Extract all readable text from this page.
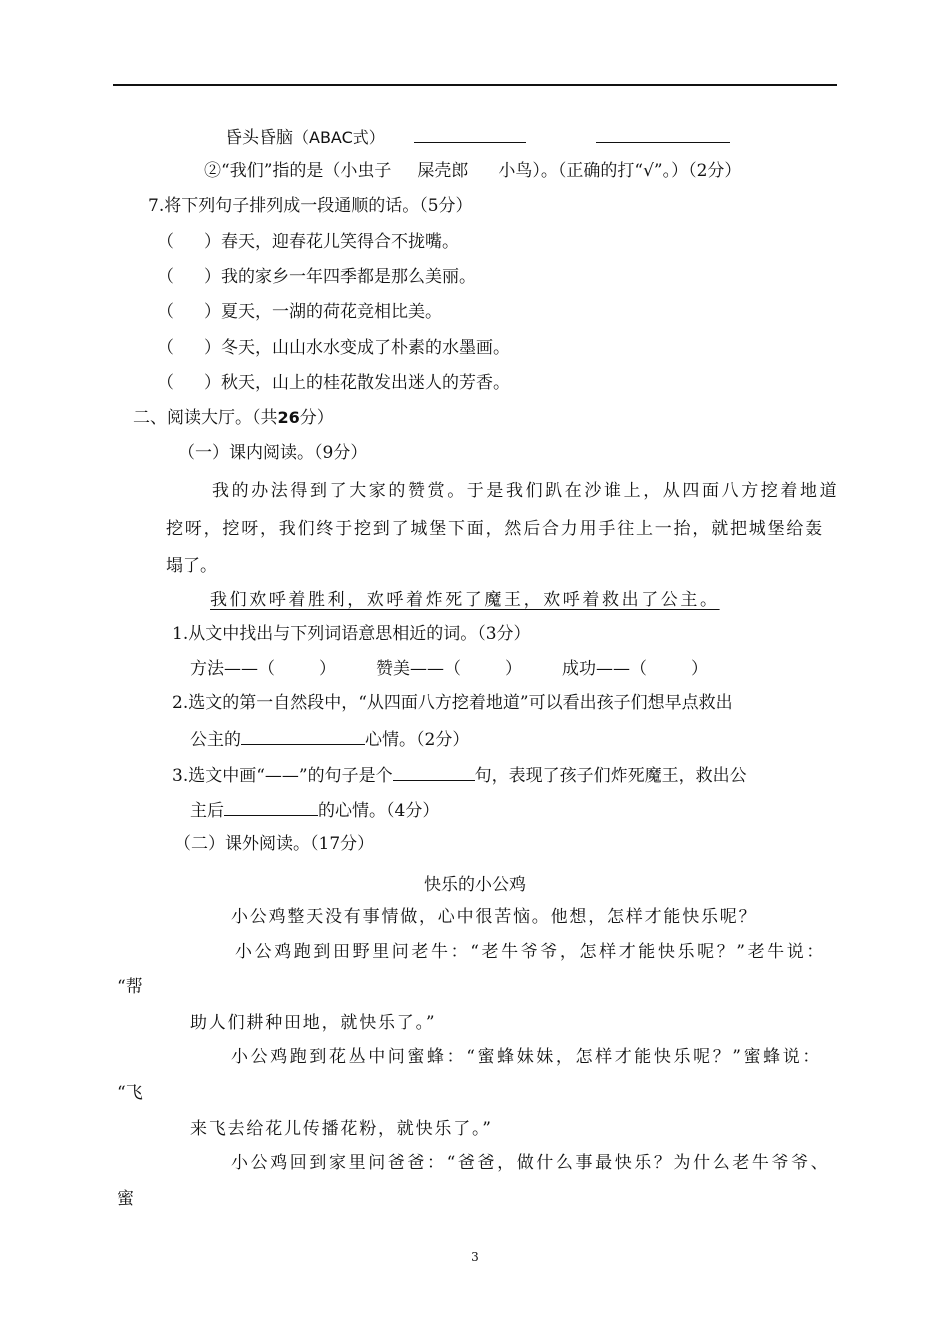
昏头昏脑（ABAC式）
②“我们”指的是（小虫子 屎壳郎 小鸟）。（正确的打“√”。）（2分）
7.将下列句子排列成一段通顺的话。（5分）
（ ）春天，迎春花儿笑得合不拢嘴。
（ ）我的家乡一年四季都是那么美丽。
（ ）夏天，一湖的荷花竞相比美。
（ ）冬天，山山水水变成了朴素的水墨画。
（ ）秋天，山上的桂花散发出迷人的芳香。
二、阅读大厅。（共26分）
（一）课内阅读。（9分）
我的办法得到了大家的赞赏。于是我们趴在沙谁上，从四面八方挖着地道
挖呀，挖呀，我们终于挖到了城堡下面，然后合力用手往上一抬，就把城堡给轰
塌了。
我们欢呼着胜利，欢呼着炸死了魔王，欢呼着救出了公主。
1.从文中找出与下列词语意思相近的词。（3分）
方法——（	） 赞美——（	） 成功——（	）
2.选文的第一自然段中，“从四面八方挖着地道”可以看出孩子们想早点救出
公主的	心情。（2分）
3.选文中画“——”的句子是个	句，表现了孩子们炸死魔王，救出公
主后	的心情。（4分）
（二）课外阅读。（17分）
快乐的小公鸡
小公鸡整天没有事情做，心中很苦恼。他想，怎样才能快乐呢？
小公鸡跑到田野里问老牛：“老牛爷爷，怎样才能快乐呢？”老牛说：
“帮
助人们耕种田地，就快乐了。”
小公鸡跑到花丛中问蜜蜂：“蜜蜂妹妹，怎样才能快乐呢？”蜜蜂说：
“飞
来飞去给花儿传播花粉，就快乐了。”
小公鸡回到家里问爸爸：“爸爸，做什么事最快乐？为什么老牛爷爷、
蜜
3
